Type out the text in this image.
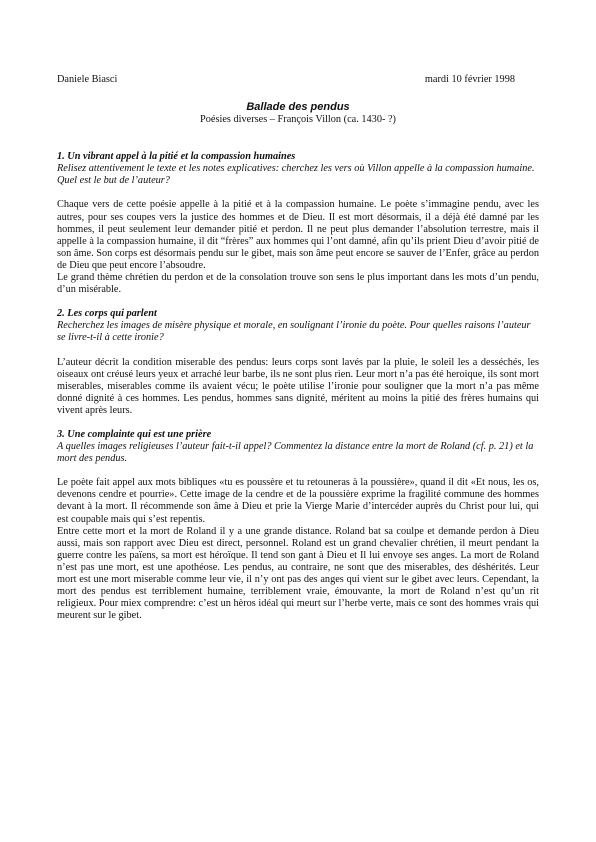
Daniele Biasci	mardi 10 février 1998
Ballade des pendus
Poésies diverses – François Villon (ca. 1430- ?)
1. Un vibrant appel à la pitié et la compassion humaines
Relisez attentivement le texte et les notes explicatives: cherchez les vers où Villon appelle à la compassion humaine. Quel est le but de l’auteur?

Chaque vers de cette poésie appelle à la pitié et à la compassion humaine. Le poète s’immagine pendu, avec les autres, pour ses coupes vers la justice des hommes et de Dieu. Il est mort désormais, il a déjà été damné par les hommes, il peut seulement leur demander pitié et perdon. Il ne peut plus demander l’absolution terrestre, mais il appelle à la compassion humaine, il dit “frères” aux hommes qui l’ont damné, afin qu’ils prient Dieu d’avoir pitié de son âme. Son corps est désormais pendu sur le gibet, mais son âme peut encore se sauver de l’Enfer, grâce au perdon de Dieu que peut encore l’absoudre.

Le grand thème chrétien du perdon et de la consolation trouve son sens le plus important dans les mots d’un pendu, d’un misérable.

2. Les corps qui parlent
Recherchez les images de misère physique et morale, en soulignant l’ironie du poète. Pour quelles raisons l’auteur se livre-t-il à cette ironie?

L’auteur décrit la condition miserable des pendus: leurs corps sont lavés par la pluie, le soleil les a desséchés, les oiseaux ont créusé leurs yeux et arraché leur barbe, ils ne sont plus rien. Leur mort n’a pas été heroique, ils sont mort miserables, miserables comme ils avaient vécu; le poète utilise l’ironie pour souligner que la mort n’a pas même donné dignité à ces hommes. Les pendus, hommes sans dignité, méritent au moins la pitié des frères humains qui vivent après leurs.

3. Une complainte qui est une prière
A quelles images religieuses l’auteur fait-t-il appel? Commentez la distance entre la mort de Roland (cf. p. 21) et la mort des pendus.

Le poète fait appel aux mots bibliques «tu es poussère et tu retouneras à la poussière», quand il dit «Et nous, les os, devenons cendre et pourrie». Cette image de la cendre et de la poussière exprime la fragilité commune des hommes devant à la mort. Il récommende son âme à Dieu et prie la Vierge Marie d’intercéder auprès du Christ pour lui, qui est coupable mais qui s’est repentis.

Entre cette mort et la mort de Roland il y a une grande distance. Roland bat sa coulpe et demande perdon à Dieu aussi, mais son rapport avec Dieu est direct, personnel. Roland est un grand chevalier chrétien, il meurt pendant la guerre contre les païens, sa mort est héroïque. Il tend son gant à Dieu et Il lui envoye ses anges. La mort de Roland n’est pas une mort, est une apothéose. Les pendus, au contraire, ne sont que des miserables, des déshérités. Leur mort est une mort miserable comme leur vie, il n’y ont pas des anges qui vient sur le gibet avec leurs. Cependant, la mort des pendus est terriblement humaine, terriblement vraie, émouvante, la mort de Roland n’est qu’un rit religieux. Pour miex comprendre: c’est un hèros idéal qui meurt sur l’herbe verte, mais ce sont des hommes vrais qui meurent sur le gibet.
